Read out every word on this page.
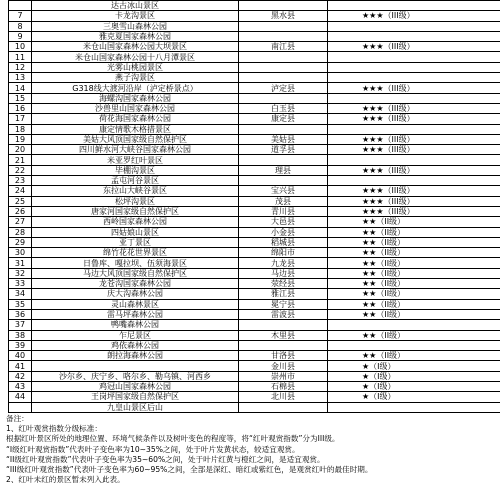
	达古冰山景区		
7	卡龙沟景区	黑水县	★★★（III级）
8	三奥雪山森林公园		
9	雅克夏国家森林公园		
10	米仓山国家森林公园大坝景区	南江县	★★★（III级）
11	米仓山国家森林公园十八月潭景区		
12	光雾山桃园景区		
13	燕子沟景区		
14	G318线大渡河沿岸（泸定桥景点）	泸定县	★★★（III级）
15	海螺沟国家森林公园		
16	沙兽里山国家森林公园	白玉县	★★★（III级）
17	荷花海国家森林公园	康定县	★★★（III级）
18	康定情歌木格措景区		
19	美姑大风顶国家级自然保护区	美姑县	★★★（III级）
20	四川鲜水河大峡谷国家森林公园	道孚县	★★★（III级）
21	米亚罗红叶景区		
22	毕棚沟景区	理县	★★★（III级）
23	孟屯河谷景区		
24	东拉山大峡谷景区	宝兴县	★★★（III级）
25	松坪沟景区	茂县	★★★（III级）
26	唐家河国家级自然保护区	青川县	★★★（III级）
27	西岭国家森林公园	大邑县	★★（II级）
28	四姑娘山景区	小金县	★★（II级）
29	亚丁景区	稻城县	★★（II级）
30	绵竹花花世界景区	绵阳市	★★（II级）
31	日鲁库、嘎拉坝、伍须海景区	九龙县	★★（II级）
32	马边大风顶国家级自然保护区	马边县	★★（II级）
33	龙苍沟国家森林公园	荥经县	★★（II级）
34	庆大沟森林公园	雅江县	★★（II级）
35	灵山森林景区	冕宁县	★★（II级）
36	雷马坪森林公园	雷波县	★★（II级）
37	鸭嘴森林公园		
38	乍尼景区	木里县	★★（II级）
39	鸡依森林公园		
40	朗拉海森林公园	甘洛县	★★（II级）
41		金川县	★（I级）
42	沙尔乡、庆宁乡、咯尔乡、勒乌镇、河西乡	崇州市	★（I级）
43	鸡冠山国家森林公园	石棉县	★（I级）
44	王岗坪国家级自然保护区	北川县	★（I级）
	九皇山景区后山		
备注：
1、红叶观赏指数分级标准：
根据红叶景区所处的地理位置、环境气候条件以及树叶变色的程度等，将“红叶观赏指数”分为III级。
“I级红叶观赏指数”代表叶子变色率为10~35%之间，处于叶片发黄状态，较适宜观赏。
“II级红叶观赏指数”代表叶子变色率为35~60%之间，处于叶片红黄与橙红之间，是适宜观赏。
“III级红叶观赏指数”代表叶子变色率为60~95%之间，全部是深红、暗红或紫红色，是观赏红叶的最佳时期。
2、红叶未红的景区暂未列入此表。
